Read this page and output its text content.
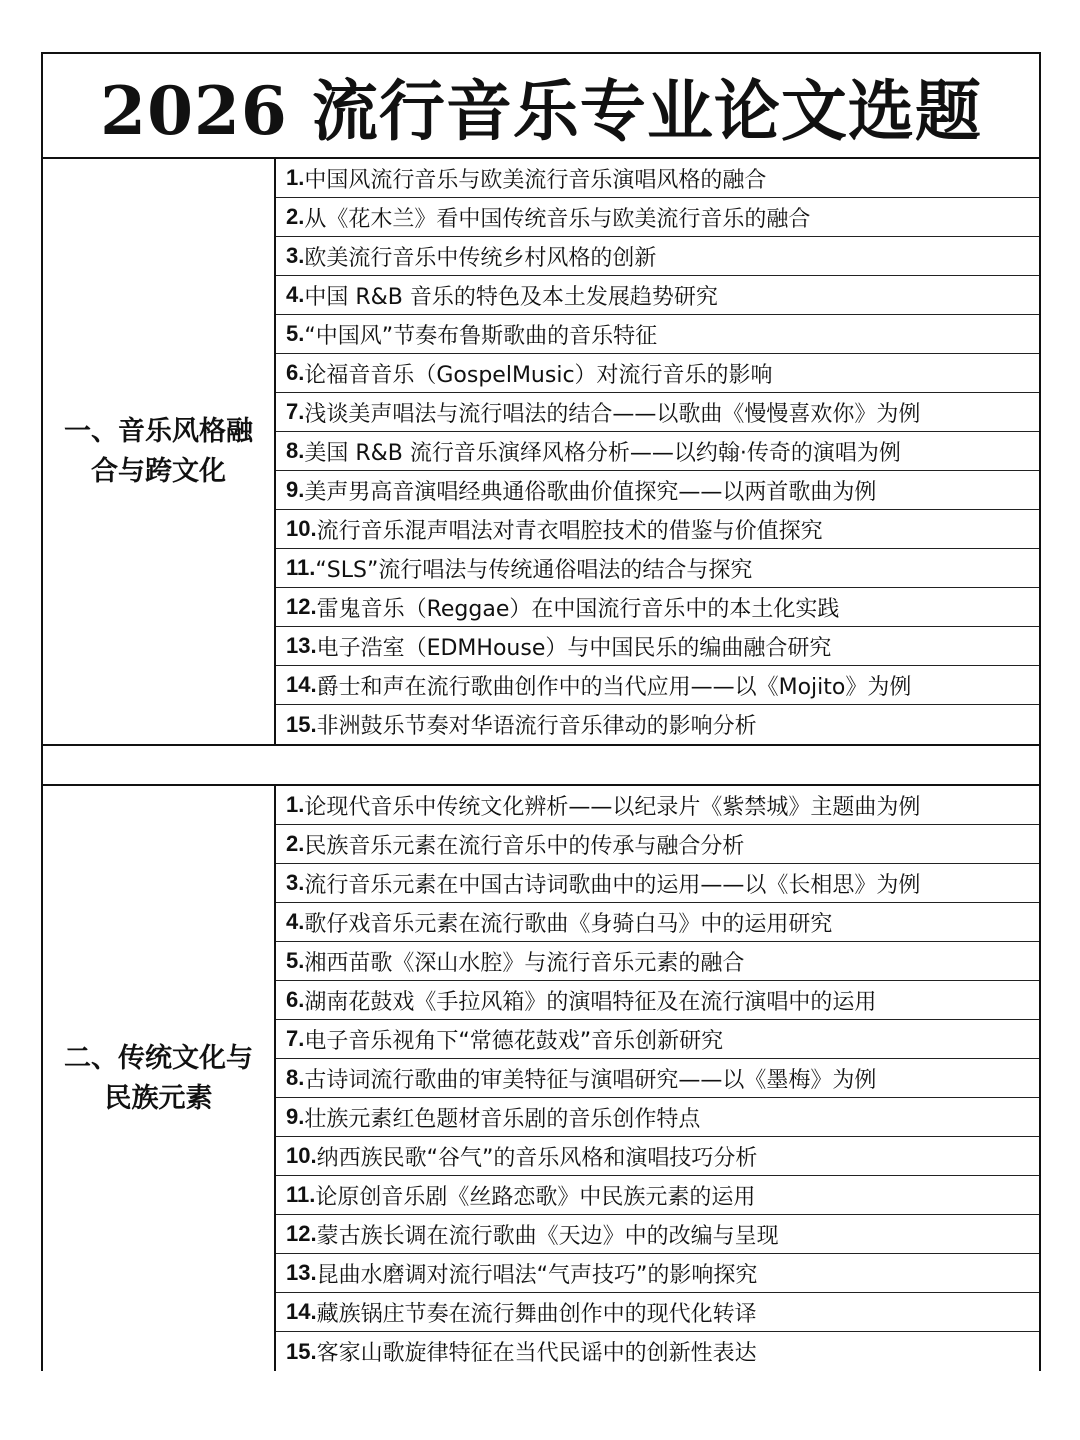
2026 流行音乐专业论文选题
一、音乐风格融
合与跨文化
1. 中国风流行音乐与欧美流行音乐演唱风格的融合
2. 从《花木兰》看中国传统音乐与欧美流行音乐的融合
3. 欧美流行音乐中传统乡村风格的创新
4. 中国 R&B 音乐的特色及本土发展趋势研究
5. “中国风”节奏布鲁斯歌曲的音乐特征
6. 论福音音乐（GospelMusic）对流行音乐的影响
7. 浅谈美声唱法与流行唱法的结合——以歌曲《慢慢喜欢你》为例
8. 美国 R&B 流行音乐演绎风格分析——以约翰·传奇的演唱为例
9. 美声男高音演唱经典通俗歌曲价值探究——以两首歌曲为例
10. 流行音乐混声唱法对青衣唱腔技术的借鉴与价值探究
11. “SLS”流行唱法与传统通俗唱法的结合与探究
12. 雷鬼音乐（Reggae）在中国流行音乐中的本土化实践
13. 电子浩室（EDMHouse）与中国民乐的编曲融合研究
14. 爵士和声在流行歌曲创作中的当代应用——以《Mojito》为例
15. 非洲鼓乐节奏对华语流行音乐律动的影响分析
二、传统文化与
民族元素
1. 论现代音乐中传统文化辨析——以纪录片《紫禁城》主题曲为例
2. 民族音乐元素在流行音乐中的传承与融合分析
3. 流行音乐元素在中国古诗词歌曲中的运用——以《长相思》为例
4. 歌仔戏音乐元素在流行歌曲《身骑白马》中的运用研究
5. 湘西苗歌《深山水腔》与流行音乐元素的融合
6. 湖南花鼓戏《手拉风箱》的演唱特征及在流行演唱中的运用
7. 电子音乐视角下“常德花鼓戏”音乐创新研究
8. 古诗词流行歌曲的审美特征与演唱研究——以《墨梅》为例
9. 壮族元素红色题材音乐剧的音乐创作特点
10. 纳西族民歌“谷气”的音乐风格和演唱技巧分析
11. 论原创音乐剧《丝路恋歌》中民族元素的运用
12. 蒙古族长调在流行歌曲《天边》中的改编与呈现
13. 昆曲水磨调对流行唱法“气声技巧”的影响探究
14. 藏族锅庄节奏在流行舞曲创作中的现代化转译
15. 客家山歌旋律特征在当代民谣中的创新性表达
